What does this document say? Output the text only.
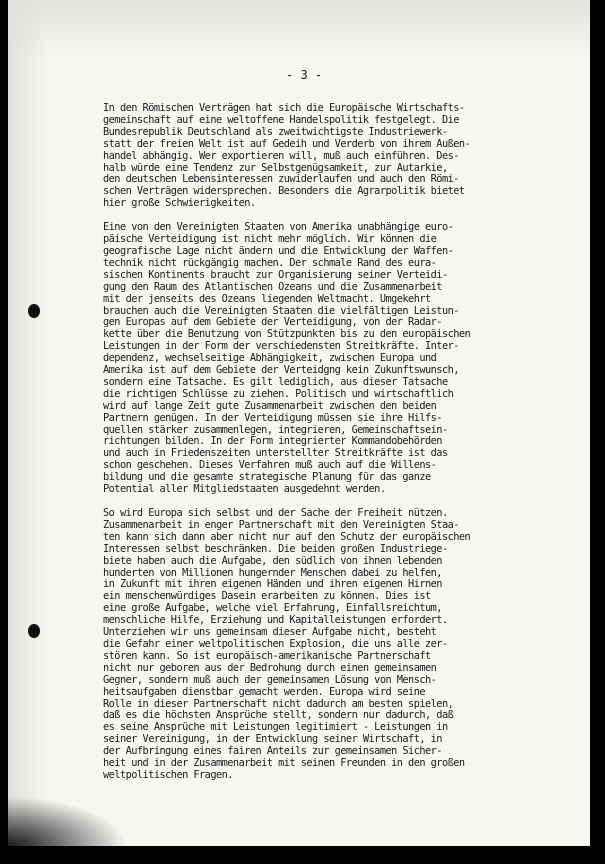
- 3 -
In den Römischen Verträgen hat sich die Europäische Wirtschafts-
gemeinschaft auf eine weltoffene Handelspolitik festgelegt. Die
Bundesrepublik Deutschland als zweitwichtigste Industriewerk-
statt der freien Welt ist auf Gedeih und Verderb von ihrem Außen-
handel abhängig. Wer exportieren will, muß auch einführen. Des-
halb würde eine Tendenz zur Selbstgenügsamkeit, zur Autarkie,
den deutschen Lebensinteressen zuwiderlaufen und auch den Römi-
schen Verträgen widersprechen. Besonders die Agrarpolitik bietet
hier große Schwierigkeiten.
Eine von den Vereinigten Staaten von Amerika unabhängige euro-
päische Verteidigung ist nicht mehr möglich. Wir können die
geografische Lage nicht ändern und die Entwicklung der Waffen-
technik nicht rückgängig machen. Der schmale Rand des eura-
sischen Kontinents braucht zur Organisierung seiner Verteidi-
gung den Raum des Atlantischen Ozeans und die Zusammenarbeit
mit der jenseits des Ozeans liegenden Weltmacht. Umgekehrt
brauchen auch die Vereinigten Staaten die vielfältigen Leistun-
gen Europas auf dem Gebiete der Verteidigung, von der Radar-
kette über die Benutzung von Stützpunkten bis zu den europäischen
Leistungen in der Form der verschiedensten Streitkräfte. Inter-
dependenz, wechselseitige Abhängigkeit, zwischen Europa und
Amerika ist auf dem Gebiete der Verteidgng kein Zukunftswunsch,
sondern eine Tatsache. Es gilt lediglich, aus dieser Tatsache
die richtigen Schlüsse zu ziehen. Politisch und wirtschaftlich
wird auf lange Zeit gute Zusammenarbeit zwischen den beiden
Partnern genügen. In der Verteidigung müssen sie ihre Hilfs-
quellen stärker zusammenlegen, integrieren, Gemeinschaftsein-
richtungen bilden. In der Form integrierter Kommandobehörden
und auch in Friedenszeiten unterstellter Streitkräfte ist das
schon geschehen. Dieses Verfahren muß auch auf die Willens-
bildung und die gesamte strategische Planung für das ganze
Potential aller Mitgliedstaaten ausgedehnt werden.
So wird Europa sich selbst und der Sache der Freiheit nützen.
Zusammenarbeit in enger Partnerschaft mit den Vereinigten Staa-
ten kann sich dann aber nicht nur auf den Schutz der europäischen
Interessen selbst beschränken. Die beiden großen Industriege-
biete haben auch die Aufgabe, den südlich von ihnen lebenden
hunderten von Millionen hungernder Menschen dabei zu helfen,
in Zukunft mit ihren eigenen Händen und ihren eigenen Hirnen
ein menschenwürdiges Dasein erarbeiten zu können. Dies ist
eine große Aufgabe, welche viel Erfahrung, Einfallsreichtum,
menschliche Hilfe, Erziehung und Kapitalleistungen erfordert.
Unterziehen wir uns gemeinsam dieser Aufgabe nicht, besteht
die Gefahr einer weltpolitischen Explosion, die uns alle zer-
stören kann. So ist europäisch-amerikanische Partnerschaft
nicht nur geboren aus der Bedrohung durch einen gemeinsamen
Gegner, sondern muß auch der gemeinsamen Lösung von Mensch-
heitsaufgaben dienstbar gemacht werden. Europa wird seine
Rolle in dieser Partnerschaft nicht dadurch am besten spielen,
daß es die höchsten Ansprüche stellt, sondern nur dadurch, daß
es seine Ansprüche mit Leistungen legitimiert - Leistungen in
seiner Vereinigung, in der Entwicklung seiner Wirtschaft, in
der Aufbringung eines fairen Anteils zur gemeinsamen Sicher-
heit und in der Zusammenarbeit mit seinen Freunden in den großen
weltpolitischen Fragen.
